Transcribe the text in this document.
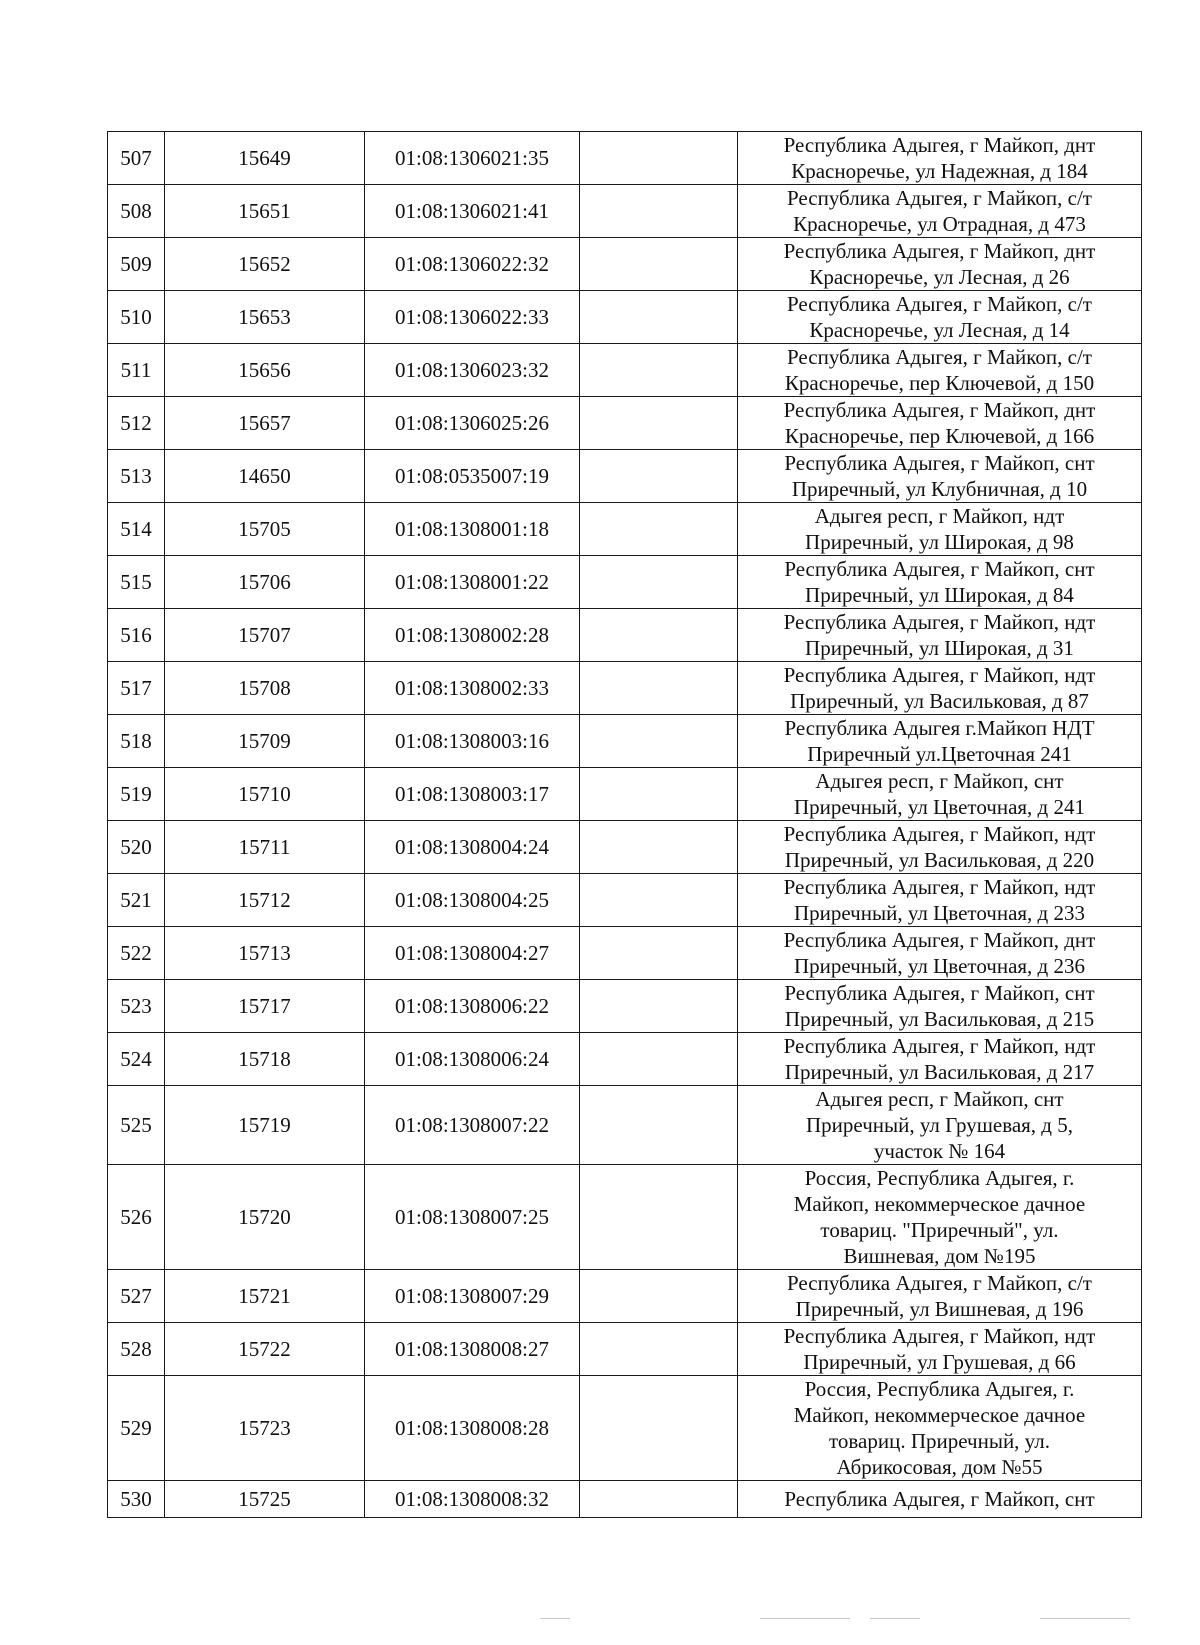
507	15649	01:08:1306021:35		Республика Адыгея, г Майкоп, днт
Красноречье, ул Надежная, д 184
508	15651	01:08:1306021:41		Республика Адыгея, г Майкоп, с/т
Красноречье, ул Отрадная, д 473
509	15652	01:08:1306022:32		Республика Адыгея, г Майкоп, днт
Красноречье, ул Лесная, д 26
510	15653	01:08:1306022:33		Республика Адыгея, г Майкоп, с/т
Красноречье, ул Лесная, д 14
511	15656	01:08:1306023:32		Республика Адыгея, г Майкоп, с/т
Красноречье, пер Ключевой, д 150
512	15657	01:08:1306025:26		Республика Адыгея, г Майкоп, днт
Красноречье, пер Ключевой, д 166
513	14650	01:08:0535007:19		Республика Адыгея, г Майкоп, снт
Приречный, ул Клубничная, д 10
514	15705	01:08:1308001:18		Адыгея респ, г Майкоп, ндт
Приречный, ул Широкая, д 98
515	15706	01:08:1308001:22		Республика Адыгея, г Майкоп, снт
Приречный, ул Широкая, д 84
516	15707	01:08:1308002:28		Республика Адыгея, г Майкоп, ндт
Приречный, ул Широкая, д 31
517	15708	01:08:1308002:33		Республика Адыгея, г Майкоп, ндт
Приречный, ул Васильковая, д 87
518	15709	01:08:1308003:16		Республика Адыгея г.Майкоп НДТ
Приречный ул.Цветочная 241
519	15710	01:08:1308003:17		Адыгея респ, г Майкоп, снт
Приречный, ул Цветочная, д 241
520	15711	01:08:1308004:24		Республика Адыгея, г Майкоп, ндт
Приречный, ул Васильковая, д 220
521	15712	01:08:1308004:25		Республика Адыгея, г Майкоп, ндт
Приречный, ул Цветочная, д 233
522	15713	01:08:1308004:27		Республика Адыгея, г Майкоп, днт
Приречный, ул Цветочная, д 236
523	15717	01:08:1308006:22		Республика Адыгея, г Майкоп, снт
Приречный, ул Васильковая, д 215
524	15718	01:08:1308006:24		Республика Адыгея, г Майкоп, ндт
Приречный, ул Васильковая, д 217
525	15719	01:08:1308007:22		Адыгея респ, г Майкоп, снт
Приречный, ул Грушевая, д 5,
участок № 164
526	15720	01:08:1308007:25		Россия, Республика Адыгея, г.
Майкоп, некоммерческое дачное
товариц. "Приречный", ул.
Вишневая, дом №195
527	15721	01:08:1308007:29		Республика Адыгея, г Майкоп, с/т
Приречный, ул Вишневая, д 196
528	15722	01:08:1308008:27		Республика Адыгея, г Майкоп, ндт
Приречный, ул Грушевая, д 66
529	15723	01:08:1308008:28		Россия, Республика Адыгея, г.
Майкоп, некоммерческое дачное
товариц. Приречный, ул.
Абрикосовая, дом №55
530	15725	01:08:1308008:32		Республика Адыгея, г Майкоп, снт
